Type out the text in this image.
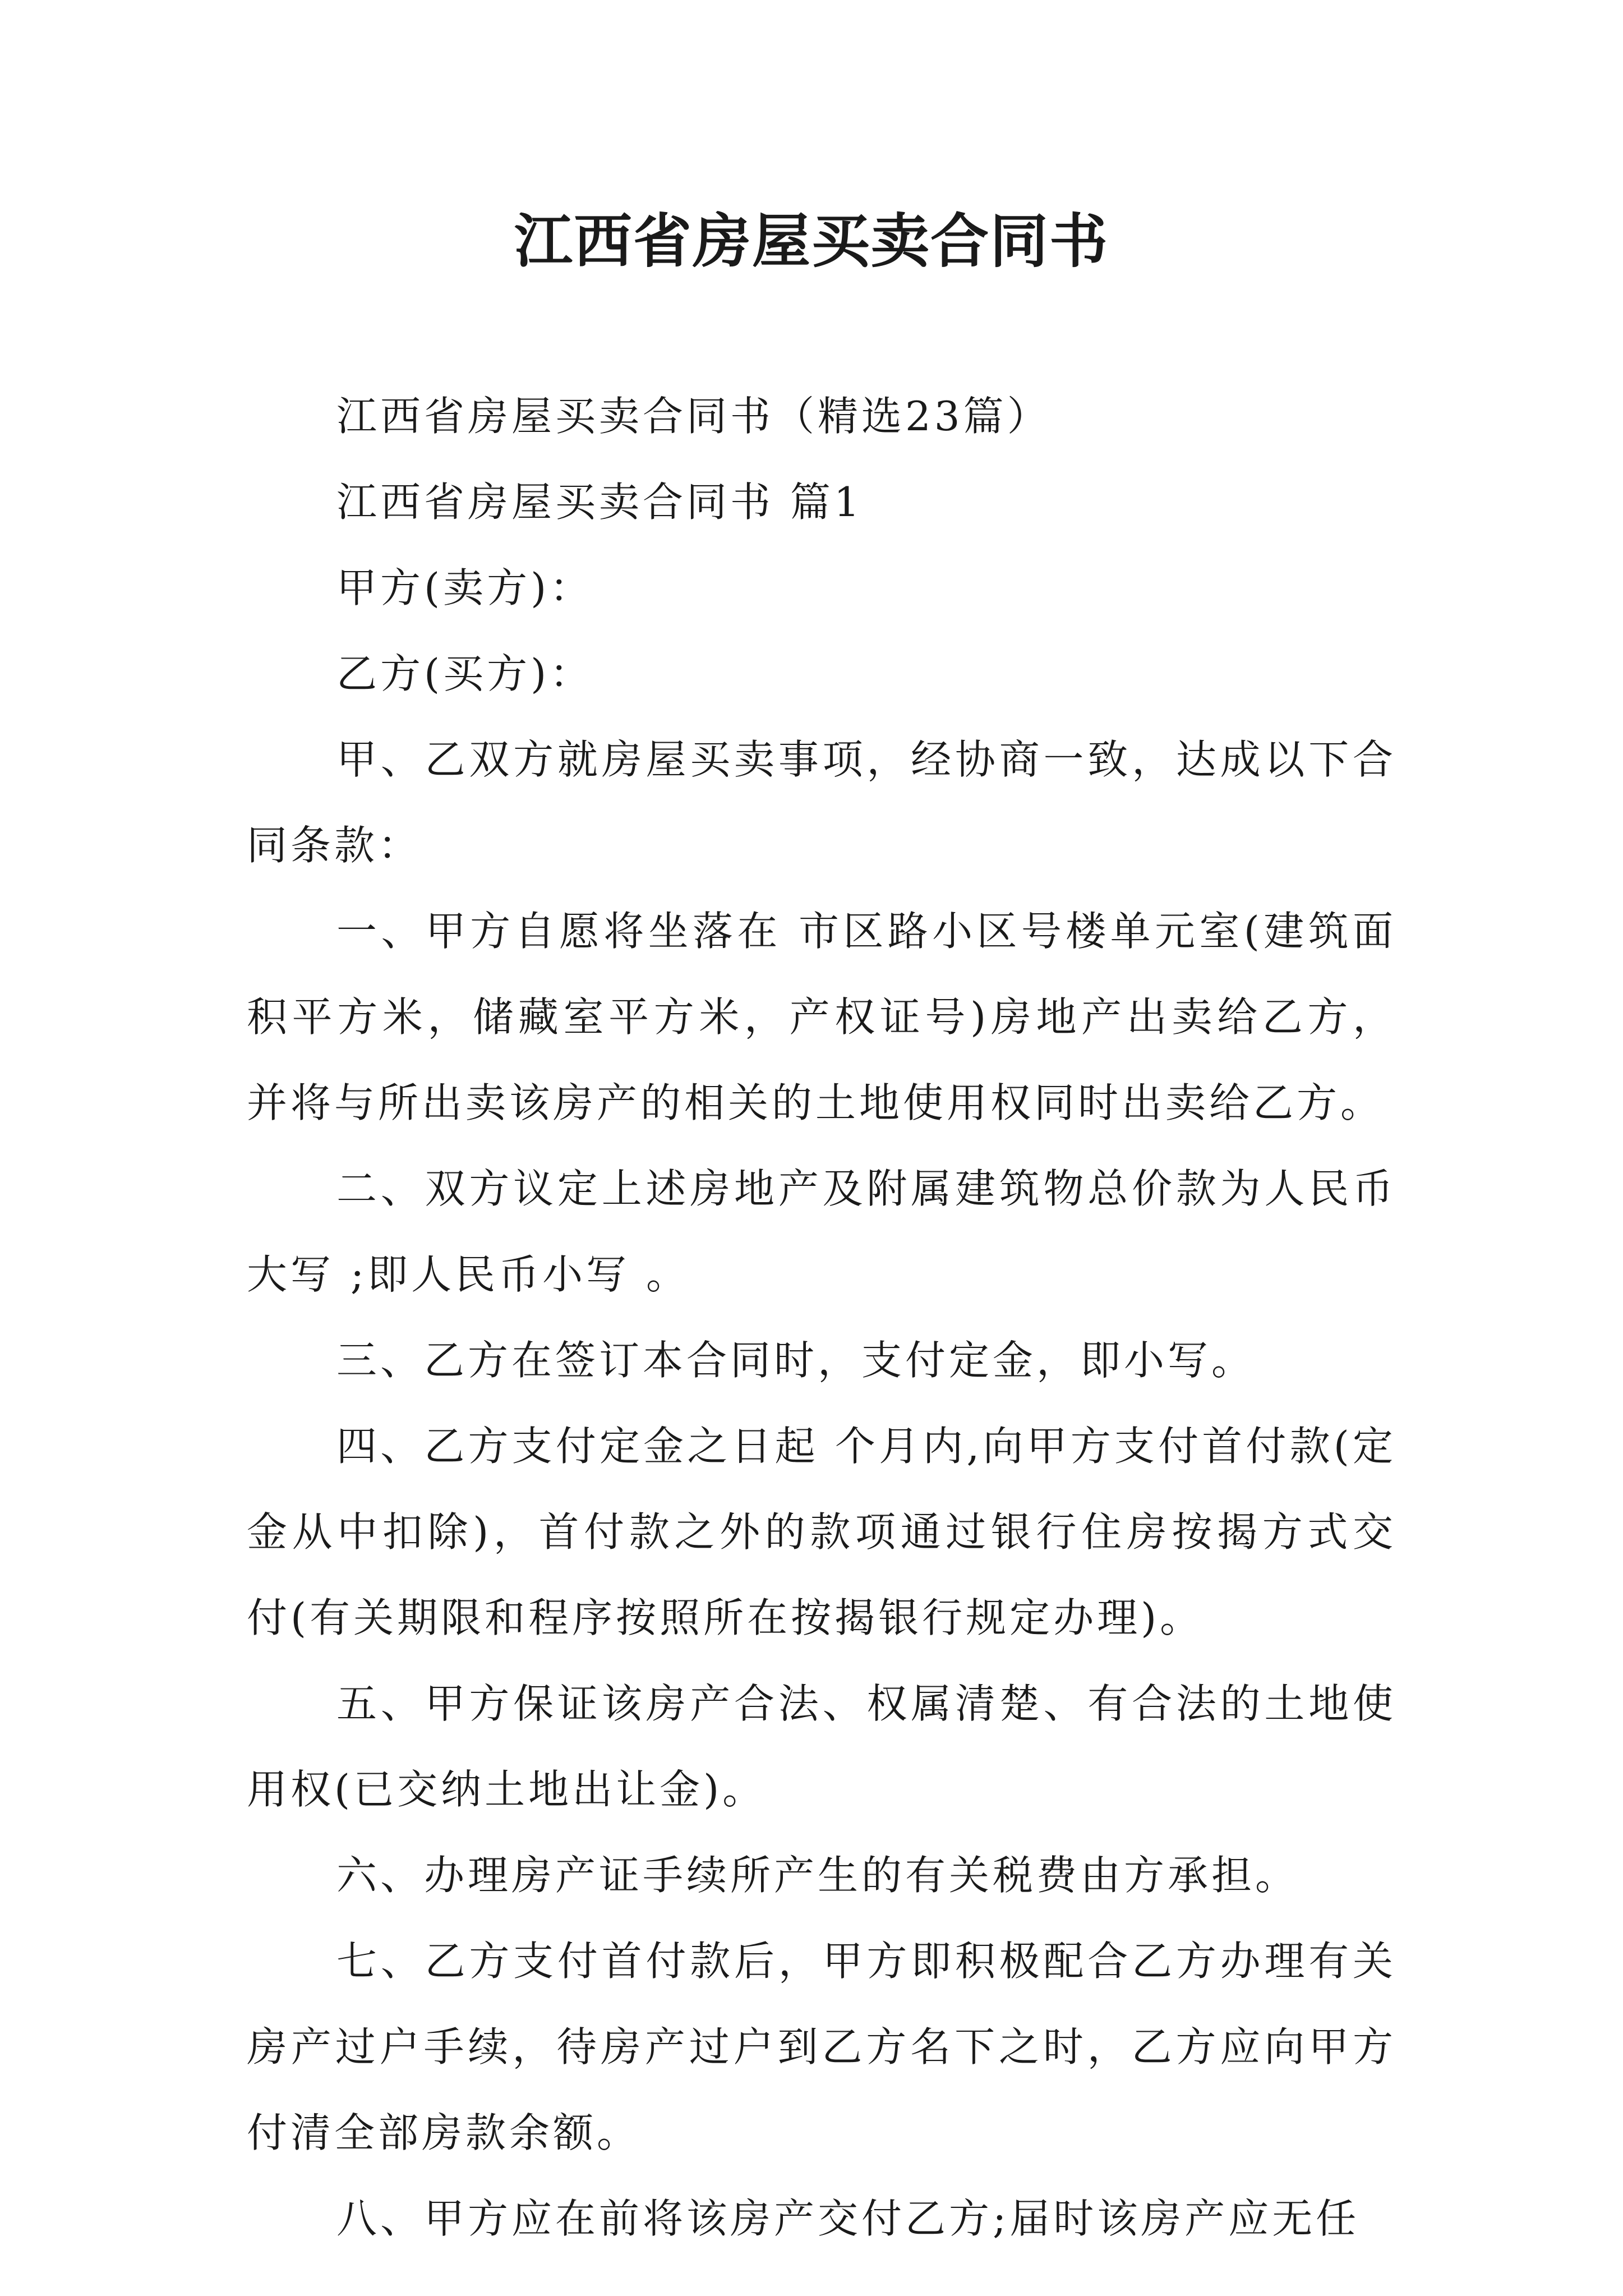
江西省房屋买卖合同书

江西省房屋买卖合同书（精选23篇）

江西省房屋买卖合同书 篇1

甲方(卖方)：

乙方(买方)：

甲、乙双方就房屋买卖事项，经协商一致，达成以下合同条款：

一、甲方自愿将坐落在 市区路小区号楼单元室(建筑面积平方米，储藏室平方米，产权证号)房地产出卖给乙方，并将与所出卖该房产的相关的土地使用权同时出卖给乙方。

二、双方议定上述房地产及附属建筑物总价款为人民币大写 ;即人民币小写 。

三、乙方在签订本合同时，支付定金，即小写。

四、乙方支付定金之日起 个月内,向甲方支付首付款(定金从中扣除)，首付款之外的款项通过银行住房按揭方式交付(有关期限和程序按照所在按揭银行规定办理)。

五、甲方保证该房产合法、权属清楚、有合法的土地使用权(已交纳土地出让金)。

六、办理房产证手续所产生的有关税费由方承担。

七、乙方支付首付款后，甲方即积极配合乙方办理有关房产过户手续，待房产过户到乙方名下之时，乙方应向甲方付清全部房款余额。

八、甲方应在前将该房产交付乙方;届时该房产应无任
